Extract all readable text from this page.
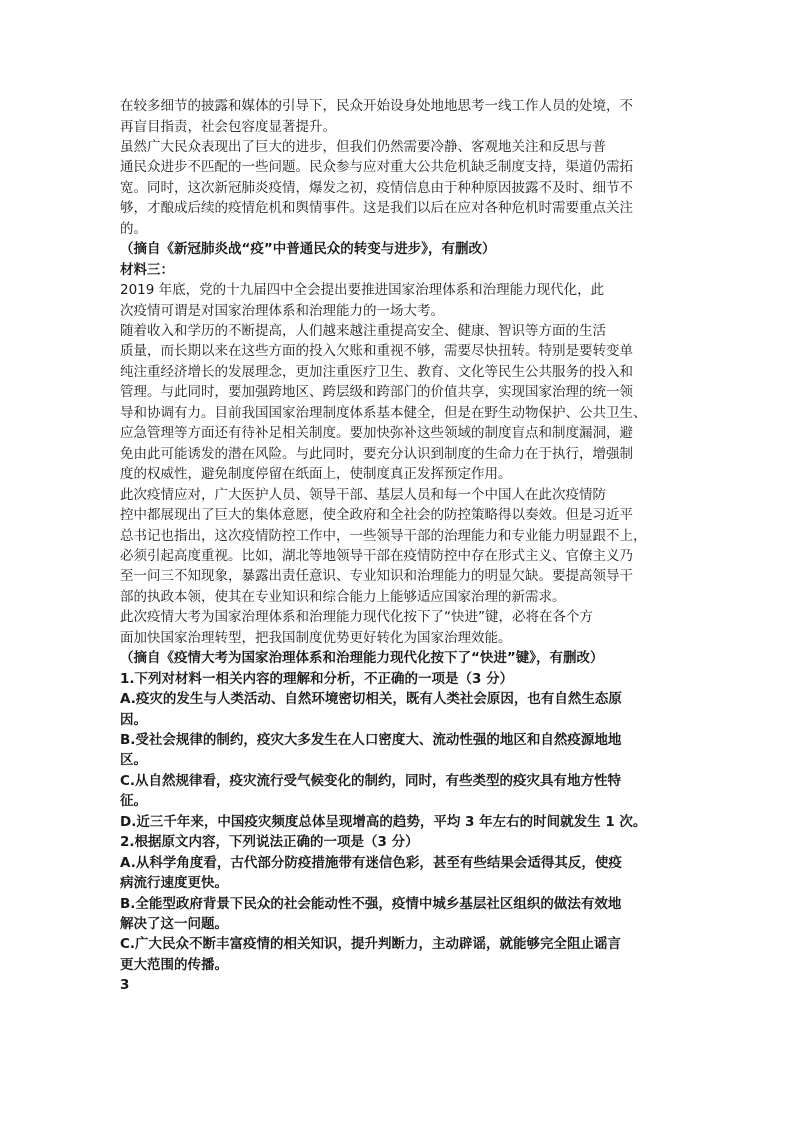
在较多细节的披露和媒体的引导下，民众开始设身处地地思考一线工作人员的处境，不
再盲目指责，社会包容度显著提升。
虽然广大民众表现出了巨大的进步，但我们仍然需要冷静、客观地关注和反思与普
通民众进步不匹配的一些问题。民众参与应对重大公共危机缺乏制度支持，渠道仍需拓
宽。同时，这次新冠肺炎疫情，爆发之初，疫情信息由于种种原因披露不及时、细节不
够，才酿成后续的疫情危机和舆情事件。这是我们以后在应对各种危机时需要重点关注
的。
（摘自《新冠肺炎战“疫”中普通民众的转变与进步》，有删改）
材料三：
2019 年底，党的十九届四中全会提出要推进国家治理体系和治理能力现代化，此
次疫情可谓是对国家治理体系和治理能力的一场大考。
随着收入和学历的不断提高，人们越来越注重提高安全、健康、智识等方面的生活
质量，而长期以来在这些方面的投入欠账和重视不够，需要尽快扭转。特别是要转变单
纯注重经济增长的发展理念，更加注重医疗卫生、教育、文化等民生公共服务的投入和
管理。与此同时，要加强跨地区、跨层级和跨部门的价值共享，实现国家治理的统一领
导和协调有力。目前我国国家治理制度体系基本健全，但是在野生动物保护、公共卫生、
应急管理等方面还有待补足相关制度。要加快弥补这些领域的制度盲点和制度漏洞，避
免由此可能诱发的潜在风险。与此同时，要充分认识到制度的生命力在于执行，增强制
度的权威性，避免制度停留在纸面上，使制度真正发挥预定作用。
此次疫情应对，广大医护人员、领导干部、基层人员和每一个中国人在此次疫情防
控中都展现出了巨大的集体意愿，使全政府和全社会的防控策略得以奏效。但是习近平
总书记也指出，这次疫情防控工作中，一些领导干部的治理能力和专业能力明显跟不上，
必须引起高度重视。比如，湖北等地领导干部在疫情防控中存在形式主义、官僚主义乃
至一问三不知现象，暴露出责任意识、专业知识和治理能力的明显欠缺。要提高领导干
部的执政本领，使其在专业知识和综合能力上能够适应国家治理的新需求。
此次疫情大考为国家治理体系和治理能力现代化按下了“快进”键，必将在各个方
面加快国家治理转型，把我国制度优势更好转化为国家治理效能。
（摘自《疫情大考为国家治理体系和治理能力现代化按下了“快进”键》，有删改）
1.下列对材料一相关内容的理解和分析，不正确的一项是（3 分）
A.疫灾的发生与人类活动、自然环境密切相关，既有人类社会原因，也有自然生态原
因。
B.受社会规律的制约，疫灾大多发生在人口密度大、流动性强的地区和自然疫源地地
区。
C.从自然规律看，疫灾流行受气候变化的制约，同时，有些类型的疫灾具有地方性特
征。
D.近三千年来，中国疫灾频度总体呈现增高的趋势，平均 3 年左右的时间就发生 1 次。
2.根据原文内容，下列说法正确的一项是（3 分）
A.从科学角度看，古代部分防疫措施带有迷信色彩，甚至有些结果会适得其反，使疫
病流行速度更快。
B.全能型政府背景下民众的社会能动性不强，疫情中城乡基层社区组织的做法有效地
解决了这一问题。
C.广大民众不断丰富疫情的相关知识，提升判断力，主动辟谣，就能够完全阻止谣言
更大范围的传播。
3
